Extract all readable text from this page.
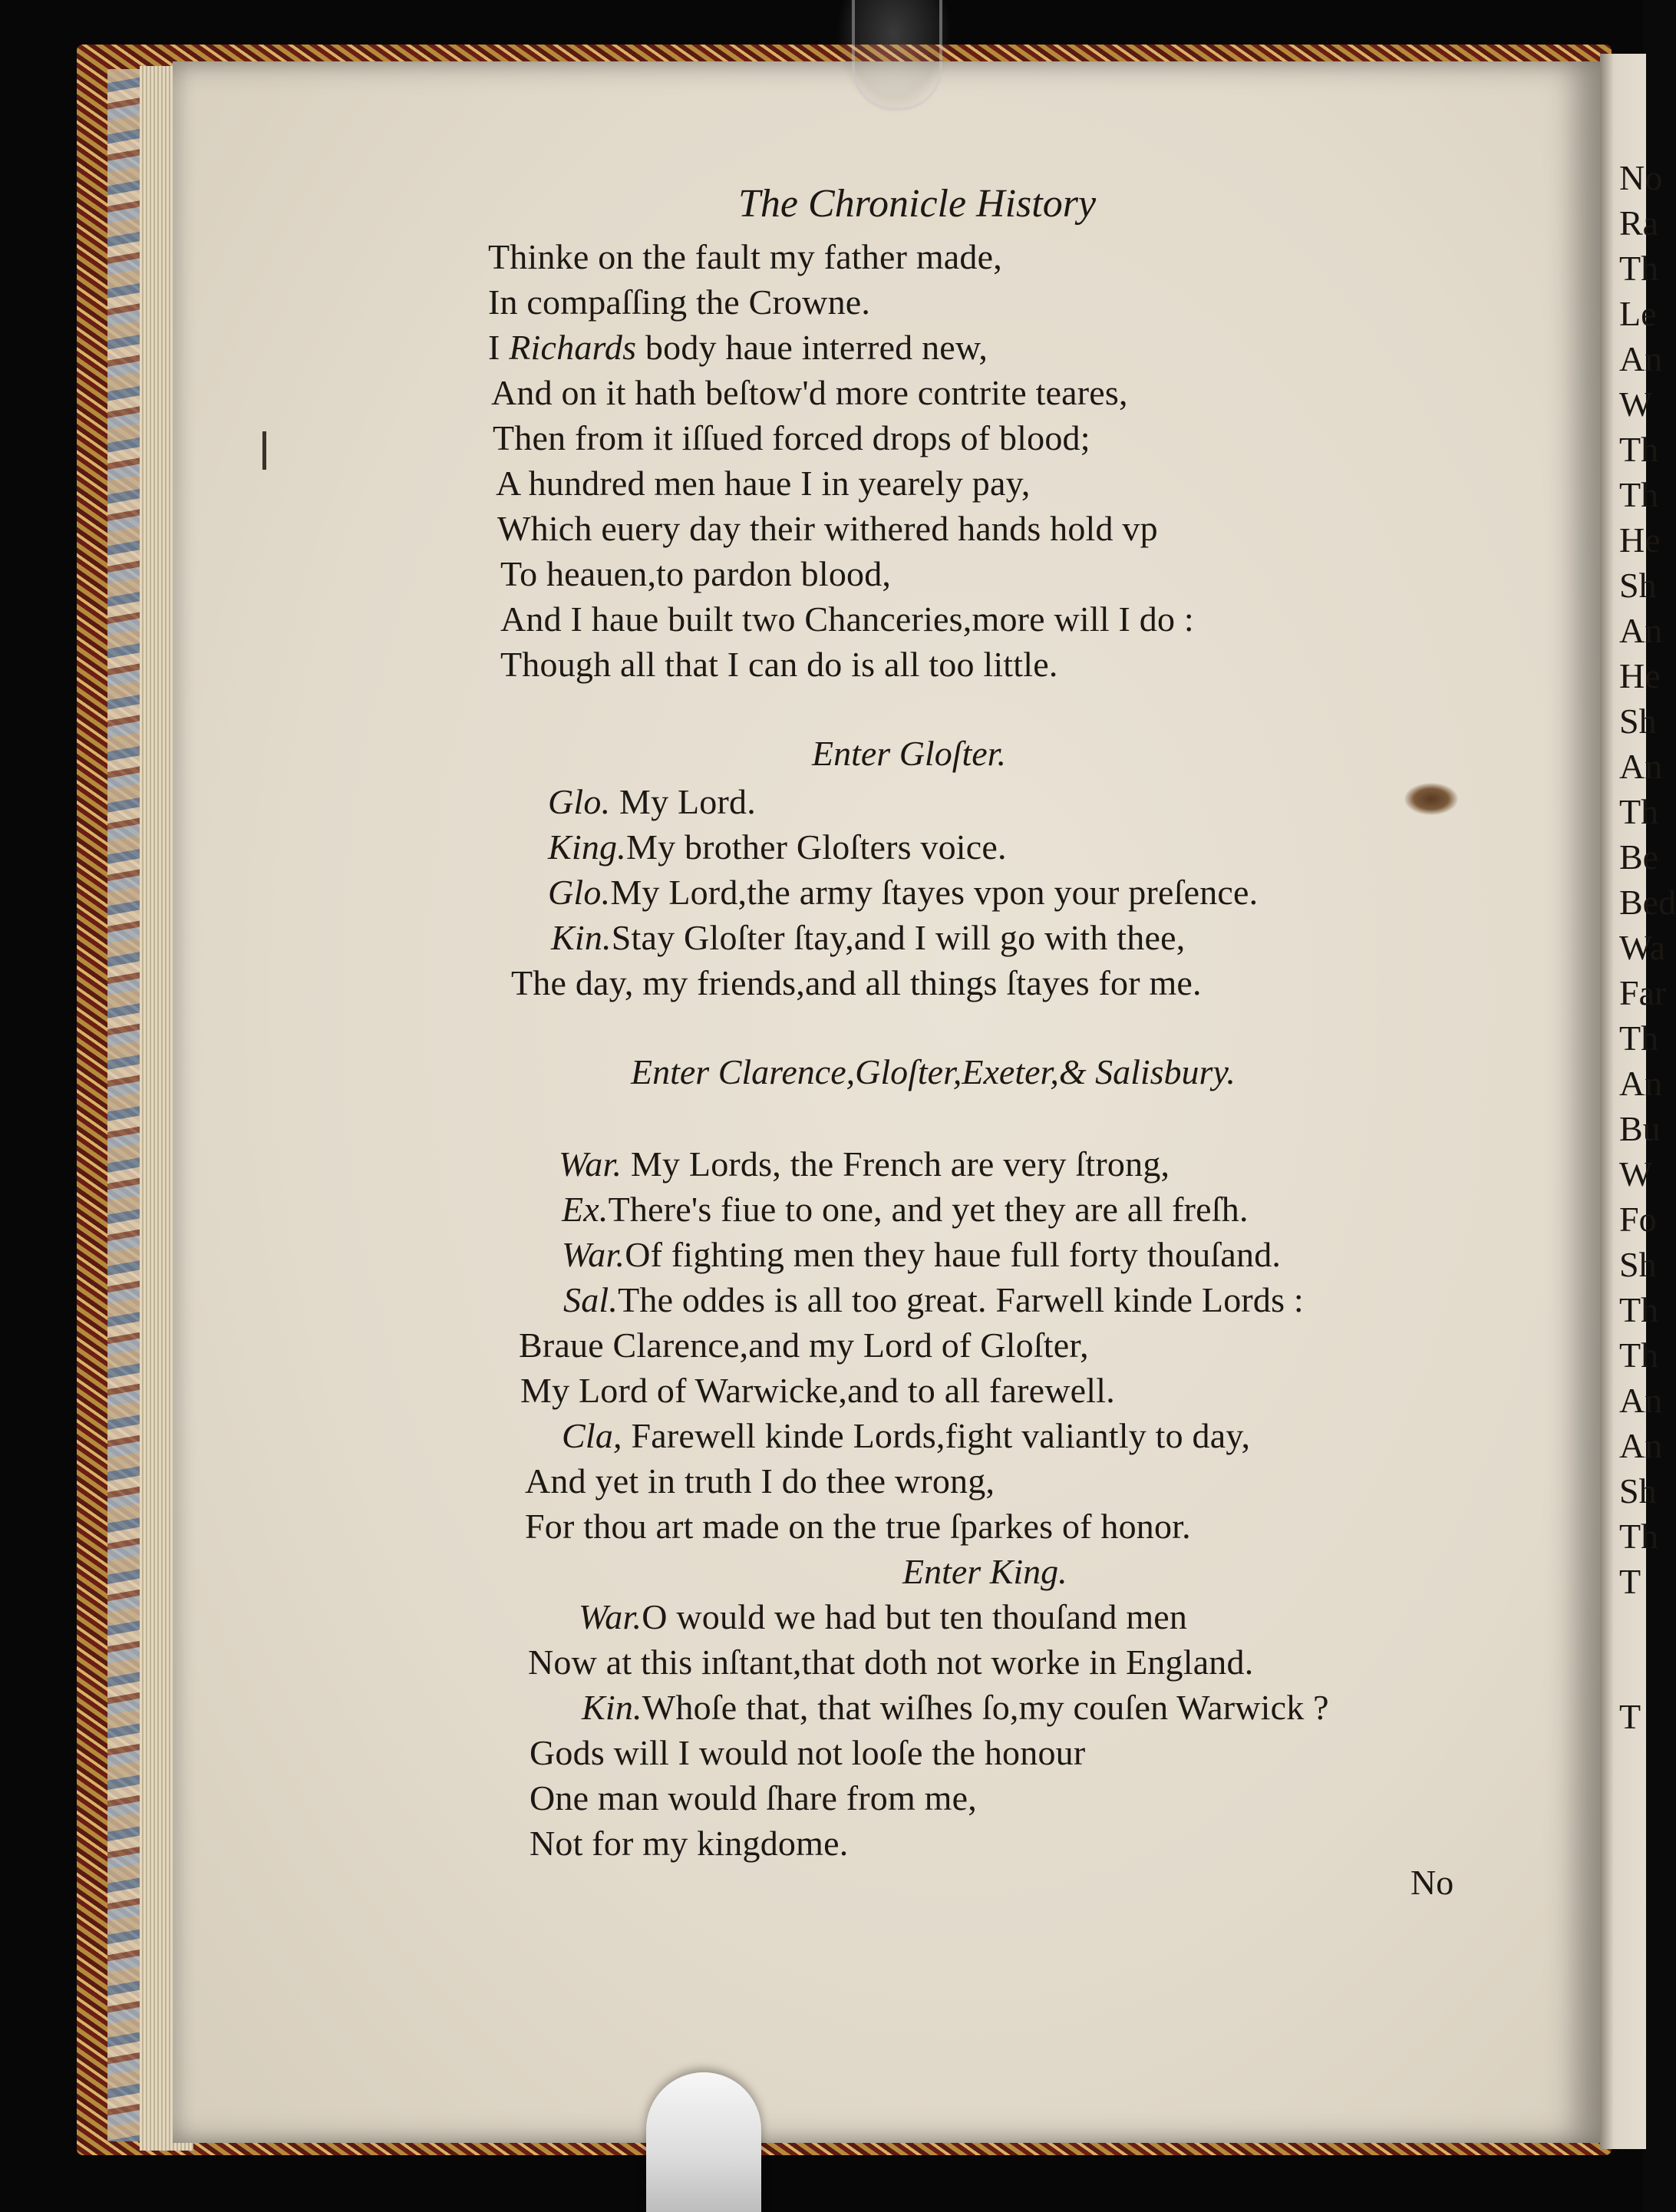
No
Ra
Th
Le
An
W
Th
Th
He
Sh
An
He
Sh
An
Th
Be
Bed
Wa
Far
Th
An
Bu
W
Fo
Sh
Th
Th
An
An
Sh
Th
T
T
The Chronicle History
Thinke on the fault my father made,
In compaſſing the Crowne.
I Richards body haue interred new,
And on it hath beſtow'd more contrite teares,
Then from it iſſued forced drops of blood;
A hundred men haue I in yearely pay,
Which euery day their withered hands hold vp
To heauen,to pardon blood,
And I haue built two Chanceries,more will I do :
Though all that I can do is all too little.
Enter Gloſter.
Glo. My Lord.
King.My brother Gloſters voice.
Glo.My Lord,the army ſtayes vpon your preſence.
Kin.Stay Gloſter ſtay,and I will go with thee,
The day, my friends,and all things ſtayes for me.
Enter Clarence,Gloſter,Exeter,& Salisbury.
War. My Lords, the French are very ſtrong,
Ex.There's fiue to one, and yet they are all freſh.
War.Of fighting men they haue full forty thouſand.
Sal.The oddes is all too great. Farwell kinde Lords :
Braue Clarence,and my Lord of Gloſter,
My Lord of Warwicke,and to all farewell.
Cla, Farewell kinde Lords,fight valiantly to day,
And yet in truth I do thee wrong,
For thou art made on the true ſparkes of honor.
Enter King.
War.O would we had but ten thouſand men
Now at this inſtant,that doth not worke in England.
Kin.Whoſe that, that wiſhes ſo,my couſen Warwick ?
Gods will I would not looſe the honour
One man would ſhare from me,
Not for my kingdome.
No
